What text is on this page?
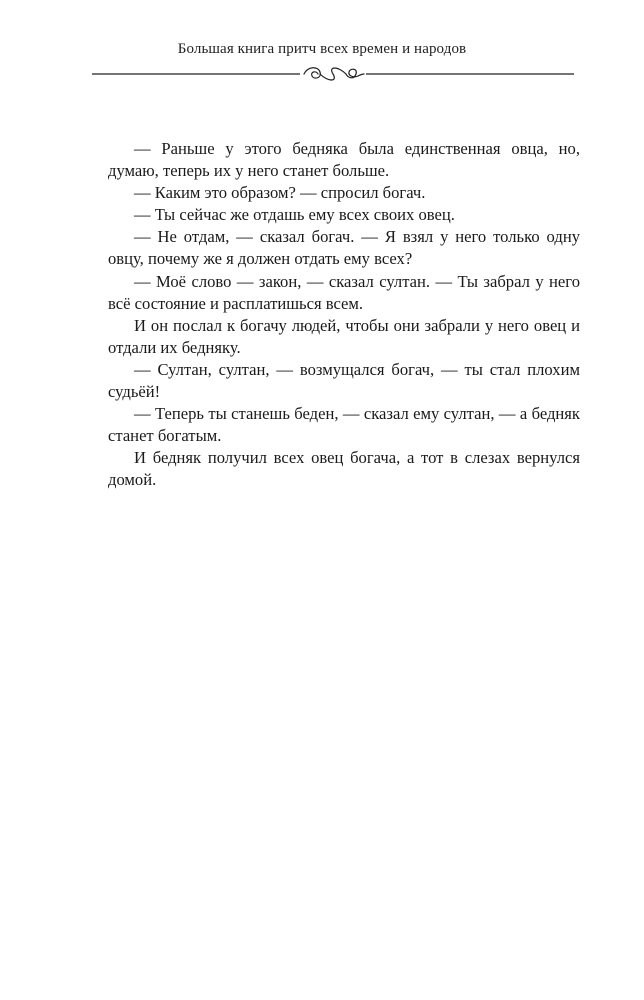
Большая книга притч всех времен и народов

— Раньше у этого бедняка была единственная овца, но, думаю, теперь их у него станет больше.

— Каким это образом? — спросил богач.

— Ты сейчас же отдашь ему всех своих овец.

— Не отдам, — сказал богач. — Я взял у него только одну овцу, почему же я должен отдать ему всех?

— Моё слово — закон, — сказал султан. — Ты забрал у него всё состояние и расплатишься всем.

И он послал к богачу людей, чтобы они забрали у него овец и отдали их бедняку.

— Султан, султан, — возмущался богач, — ты стал плохим судьёй!

— Теперь ты станешь беден, — сказал ему султан, — а бедняк станет богатым.

И бедняк получил всех овец богача, а тот в слезах вернулся домой.
